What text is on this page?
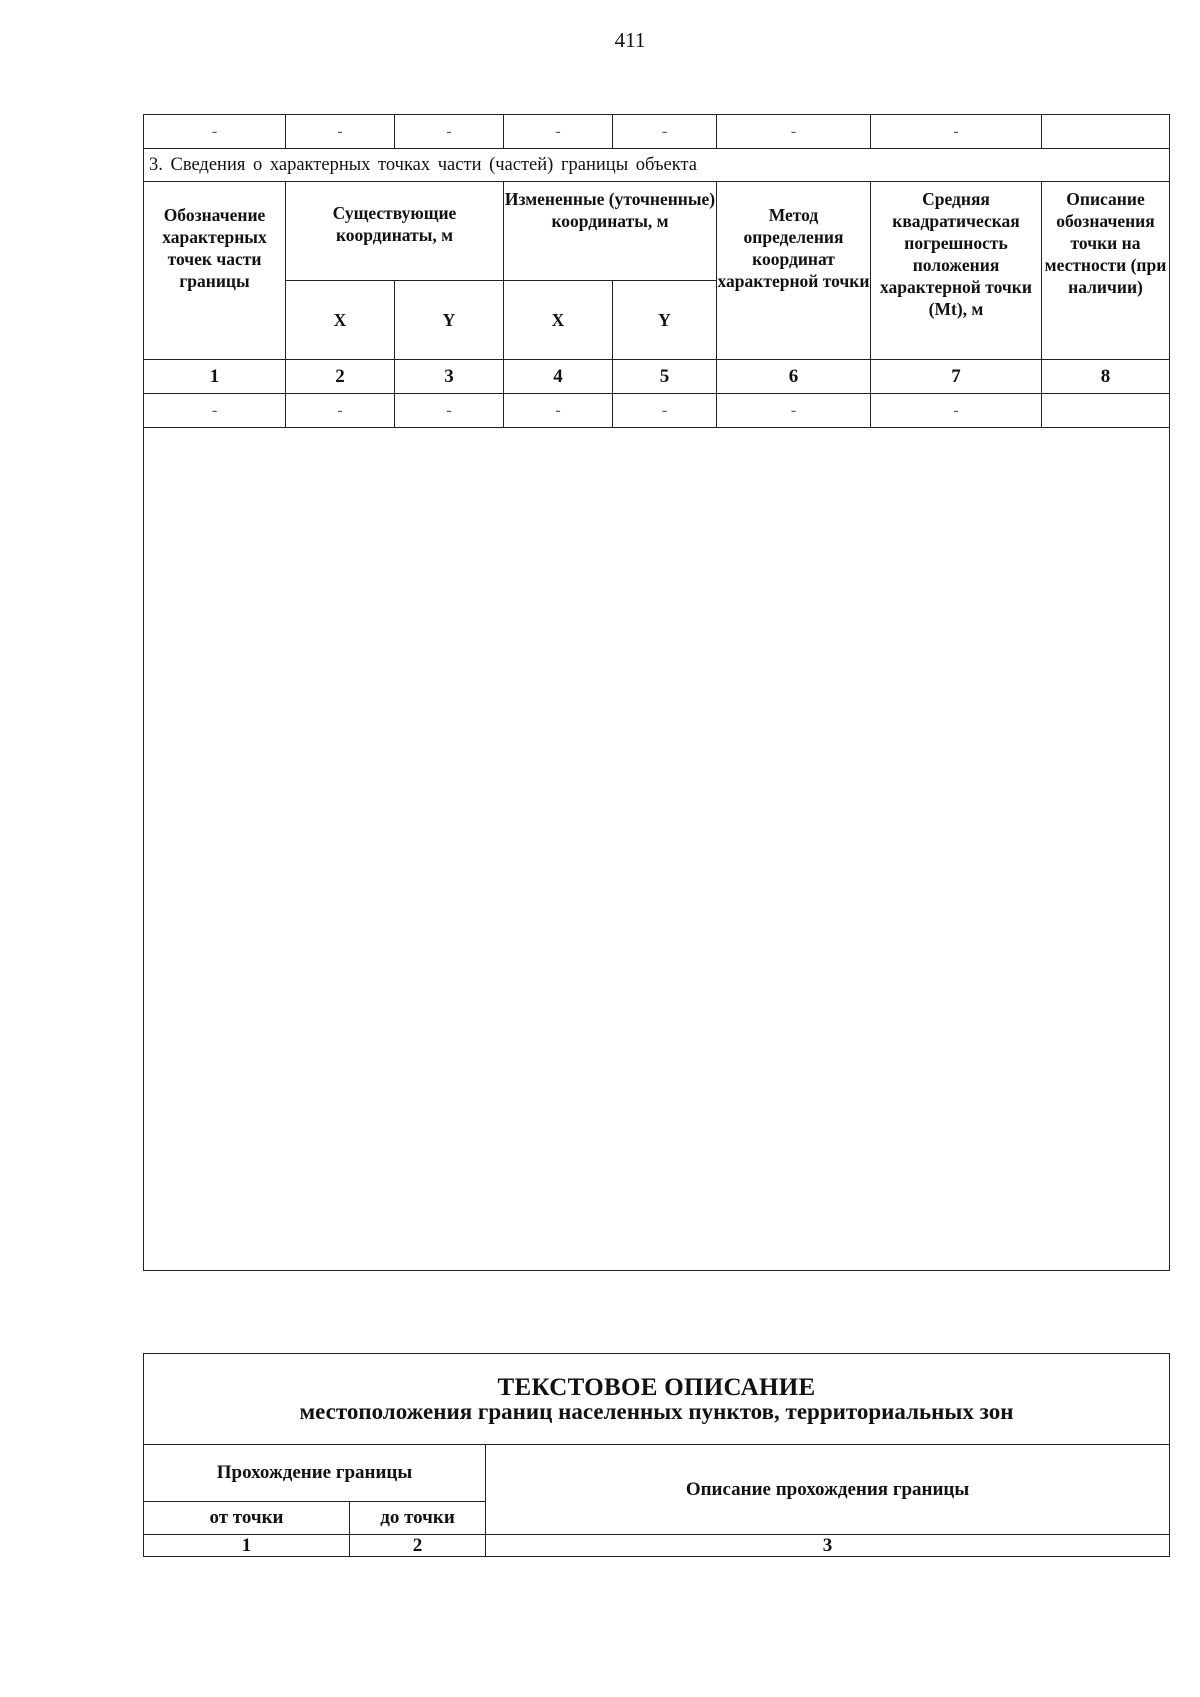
411
-	-	-	-	-	-	-	
3. Сведения о характерных точках части (частей) границы объекта							
Обозначение характерных точек части границы	Существующие координаты, м		Измененные (уточненные) координаты, м		Метод определения координат характерной точки	Средняя квадратическая погрешность положения характерной точки (Mt), м	Описание обозначения точки на местности (при наличии)
	X	Y	X	Y			
1	2	3	4	5	6	7	8
-	-	-	-	-	-	-	

ТЕКСТОВОЕ ОПИСАНИЕ
местоположения границ населенных пунктов, территориальных зон		

Прохождение границы		Описание прохождения границы
от точки	до точки	
1	2	3
